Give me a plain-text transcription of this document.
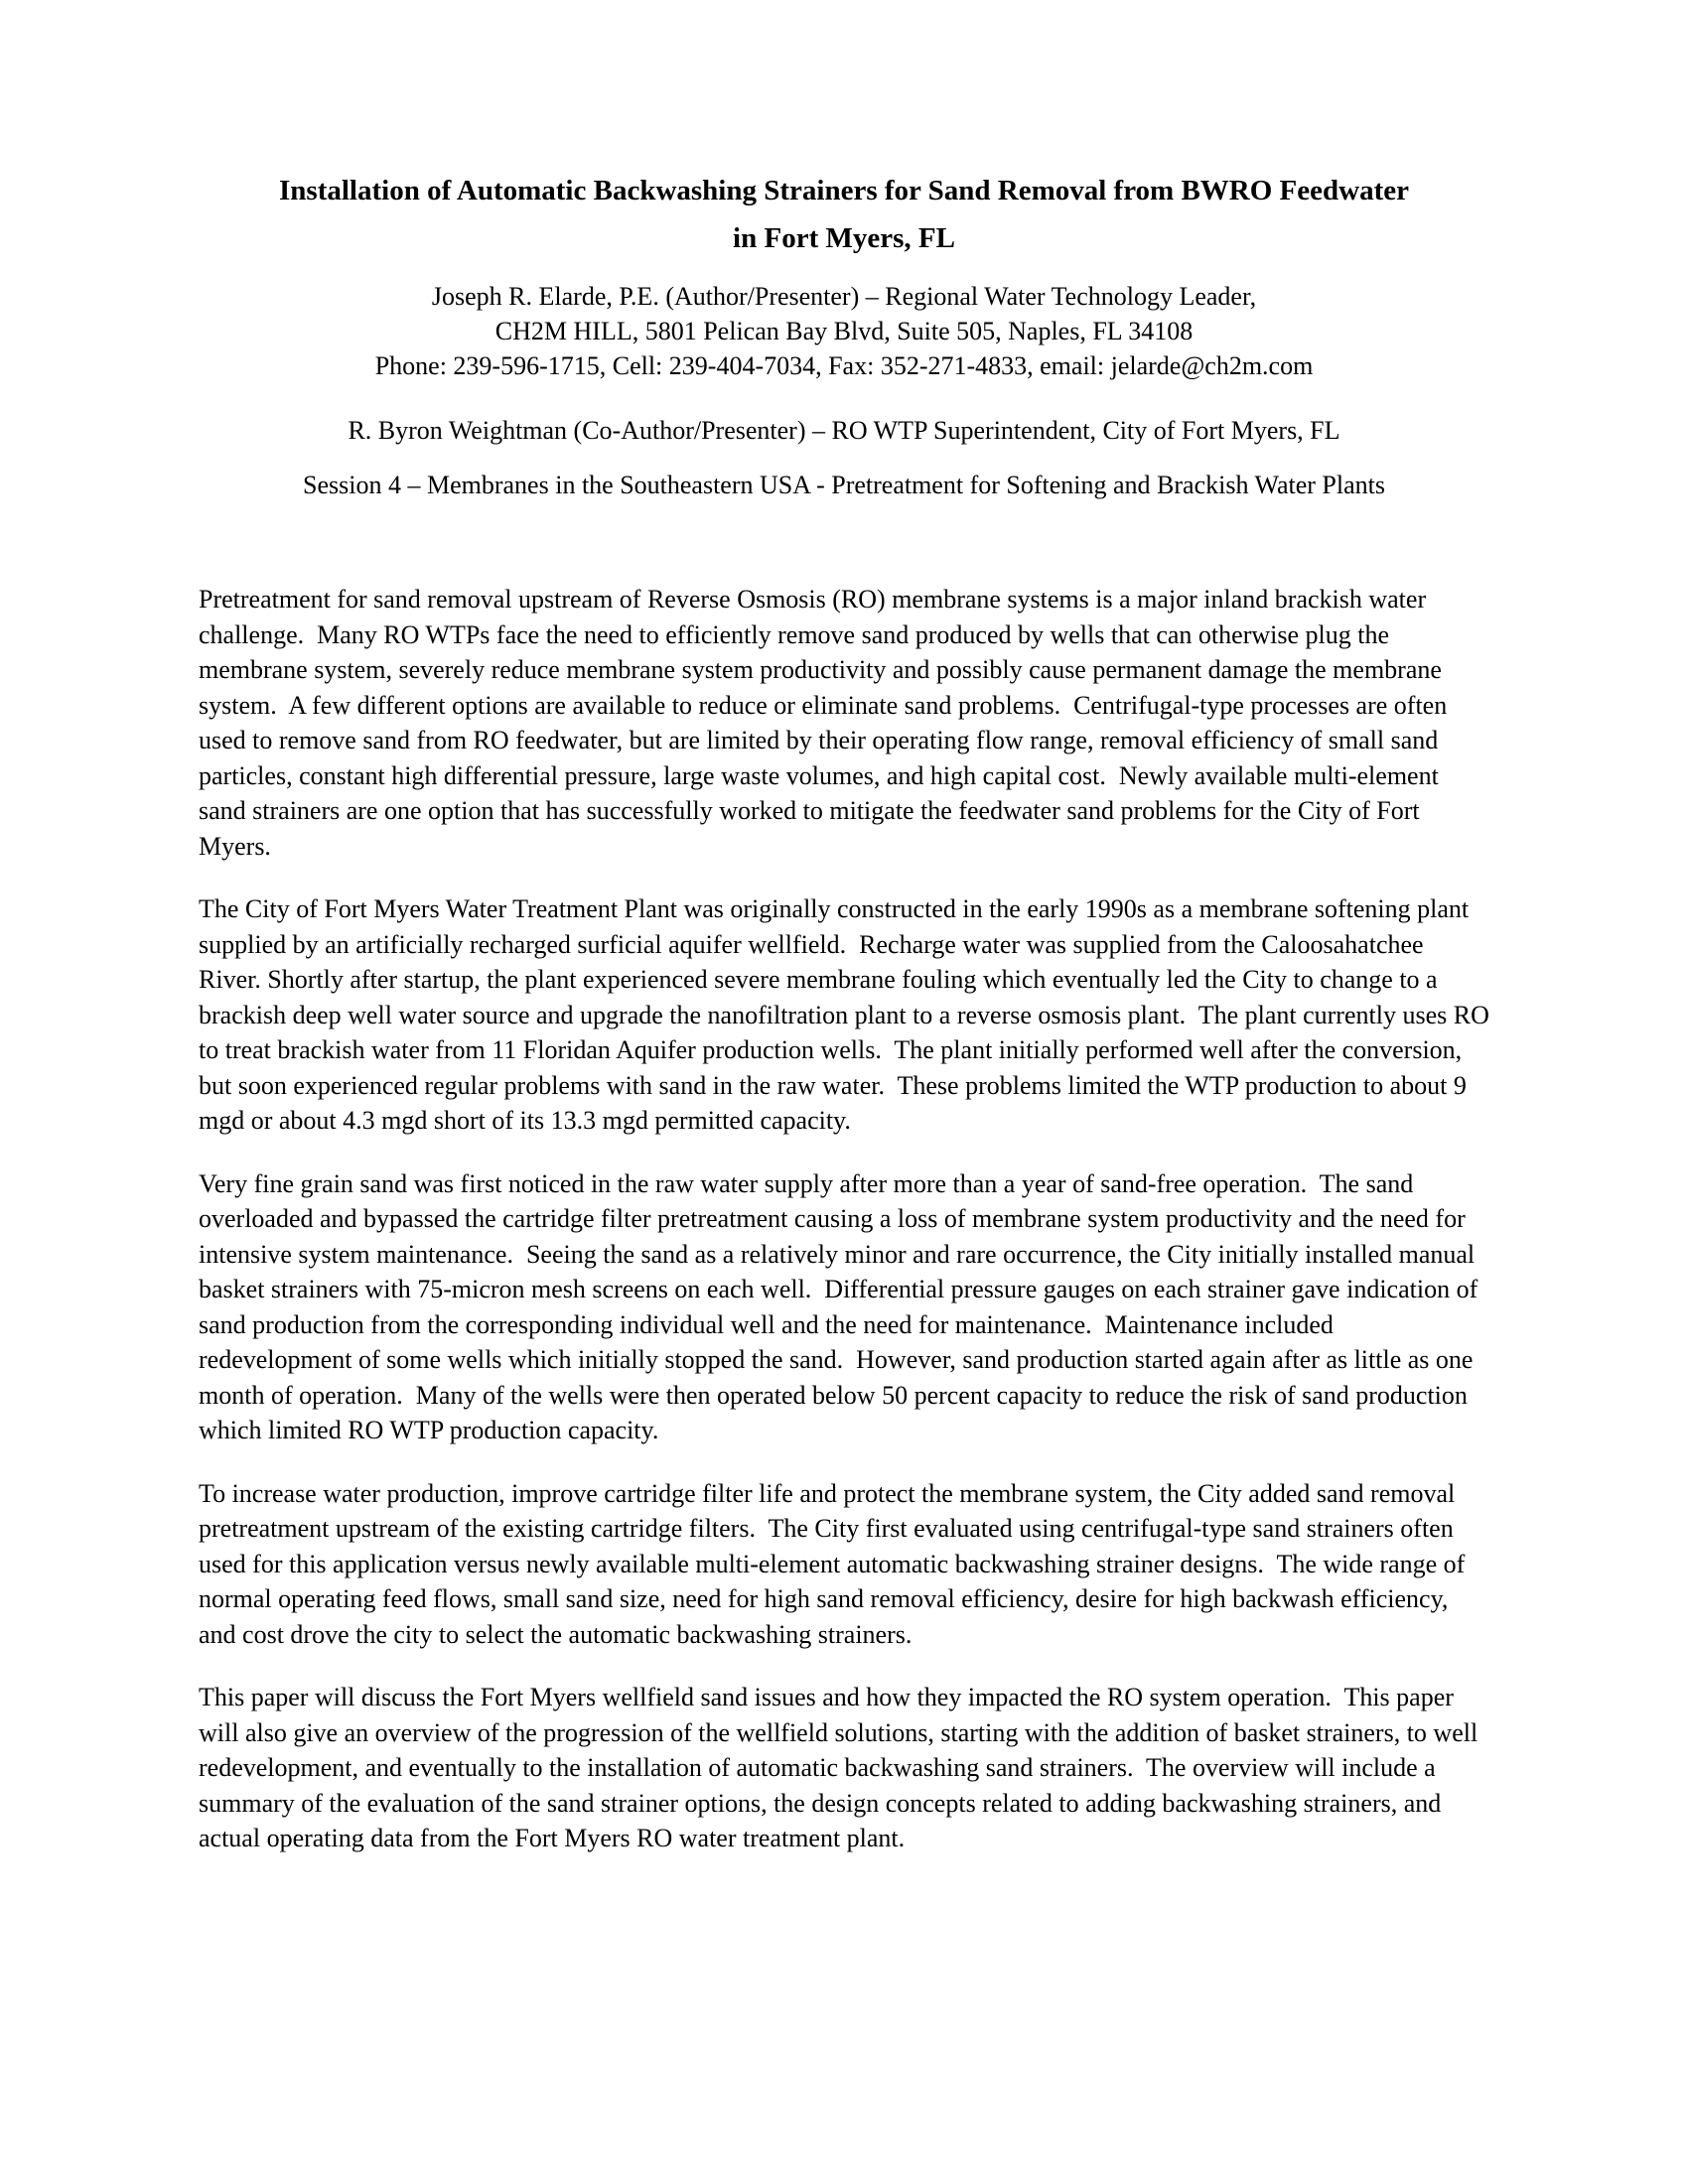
Installation of Automatic Backwashing Strainers for Sand Removal from BWRO Feedwater
in Fort Myers, FL
Joseph R. Elarde, P.E. (Author/Presenter) – Regional Water Technology Leader,
CH2M HILL, 5801 Pelican Bay Blvd, Suite 505, Naples, FL 34108
Phone: 239-596-1715, Cell: 239-404-7034, Fax: 352-271-4833, email: jelarde@ch2m.com
R. Byron Weightman (Co-Author/Presenter) – RO WTP Superintendent, City of Fort Myers, FL
Session 4 – Membranes in the Southeastern USA - Pretreatment for Softening and Brackish Water Plants

Pretreatment for sand removal upstream of Reverse Osmosis (RO) membrane systems is a major inland brackish water challenge.  Many RO WTPs face the need to efficiently remove sand produced by wells that can otherwise plug the membrane system, severely reduce membrane system productivity and possibly cause permanent damage the membrane system.  A few different options are available to reduce or eliminate sand problems.  Centrifugal-type processes are often used to remove sand from RO feedwater, but are limited by their operating flow range, removal efficiency of small sand particles, constant high differential pressure, large waste volumes, and high capital cost.  Newly available multi-element sand strainers are one option that has successfully worked to mitigate the feedwater sand problems for the City of Fort Myers.

The City of Fort Myers Water Treatment Plant was originally constructed in the early 1990s as a membrane softening plant supplied by an artificially recharged surficial aquifer wellfield.  Recharge water was supplied from the Caloosahatchee River. Shortly after startup, the plant experienced severe membrane fouling which eventually led the City to change to a brackish deep well water source and upgrade the nanofiltration plant to a reverse osmosis plant.  The plant currently uses RO to treat brackish water from 11 Floridan Aquifer production wells.  The plant initially performed well after the conversion, but soon experienced regular problems with sand in the raw water.  These problems limited the WTP production to about 9 mgd or about 4.3 mgd short of its 13.3 mgd permitted capacity.

Very fine grain sand was first noticed in the raw water supply after more than a year of sand-free operation.  The sand overloaded and bypassed the cartridge filter pretreatment causing a loss of membrane system productivity and the need for intensive system maintenance.  Seeing the sand as a relatively minor and rare occurrence, the City initially installed manual basket strainers with 75-micron mesh screens on each well.  Differential pressure gauges on each strainer gave indication of sand production from the corresponding individual well and the need for maintenance.  Maintenance included redevelopment of some wells which initially stopped the sand.  However, sand production started again after as little as one month of operation.  Many of the wells were then operated below 50 percent capacity to reduce the risk of sand production which limited RO WTP production capacity.

To increase water production, improve cartridge filter life and protect the membrane system, the City added sand removal pretreatment upstream of the existing cartridge filters.  The City first evaluated using centrifugal-type sand strainers often used for this application versus newly available multi-element automatic backwashing strainer designs.  The wide range of normal operating feed flows, small sand size, need for high sand removal efficiency, desire for high backwash efficiency, and cost drove the city to select the automatic backwashing strainers.

This paper will discuss the Fort Myers wellfield sand issues and how they impacted the RO system operation.  This paper will also give an overview of the progression of the wellfield solutions, starting with the addition of basket strainers, to well redevelopment, and eventually to the installation of automatic backwashing sand strainers.  The overview will include a summary of the evaluation of the sand strainer options, the design concepts related to adding backwashing strainers, and actual operating data from the Fort Myers RO water treatment plant.
